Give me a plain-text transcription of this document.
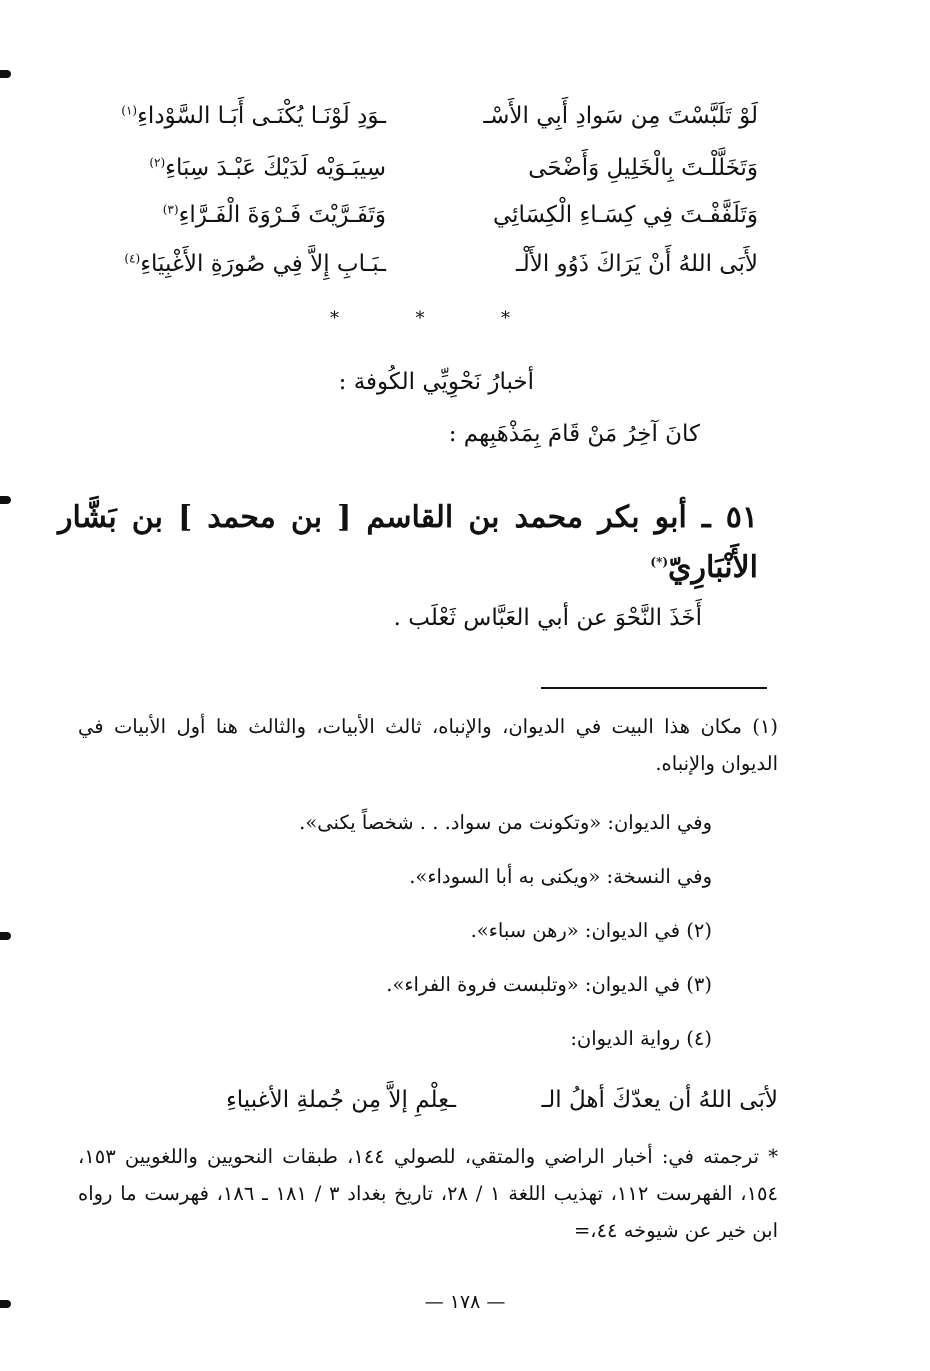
لَوْ تَلَبَّسْتَ مِن سَوادِ أَبِي الأَسْـ
ـوَدِ لَوْنَـا يُكْنَـى أَبَـا السَّوْداءِ$^{(١)}$
وَتَخَلَّلْـتَ بِالْخَلِيلِ وَأَضْحَى
سِيبَـوَيْه لَدَيْكَ عَبْـدَ سِبَاءِ$^{(٢)}$
وَتَلَفَّفْـتَ فِي كِسَـاءِ الْكِسَائِي
وَتَفَـرَّيْتَ فَـرْوَةَ الْفَـرَّاءِ$^{(٣)}$
لأَبَى اللهُ أَنْ يَرَاكَ ذَوُو الأَلْـ
ـبَـابِ إِلاَّ فِي صُورَةِ الأَغْبِيَاءِ$^{(٤)}$
*	*	*
أخبارُ نَحْوِيِّي الكُوفة :
كانَ آخِرُ مَنْ قَامَ بِمَذْهَبِهم :
٥١ ـ أبو بكر محمد بن القاسم [ بن محمد ] بن بَشَّار الأَنْبَارِيّ(*)
أَخَذَ النَّحْوَ عن أبي العَبَّاس ثَعْلَب .
(١) مكان هذا البيت في الديوان، والإنباه، ثالث الأبيات، والثالث هنا أول الأبيات في الديوان والإنباه.
وفي الديوان: «وتكونت من سواد. . . شخصاً يكنى».
وفي النسخة: «ويكنى به أبا السوداء».
(٢) في الديوان: «رهن سباء».
(٣) في الديوان: «وتلبست فروة الفراء».
(٤) رواية الديوان:
لأبَى اللهُ أن يعدّكَ أهلُ الـ
ـعِلْمِ إلاَّ مِن جُملةِ الأغبياءِ
* ترجمته في: أخبار الراضي والمتقي، للصولي ١٤٤، طبقات النحويين واللغويين ١٥٣، ١٥٤، الفهرست ١١٢، تهذيب اللغة ١ / ٢٨، تاريخ بغداد ٣ / ١٨١ ـ ١٨٦، فهرست ما رواه ابن خير عن شيوخه ٤٤،=
— ١٧٨ —
